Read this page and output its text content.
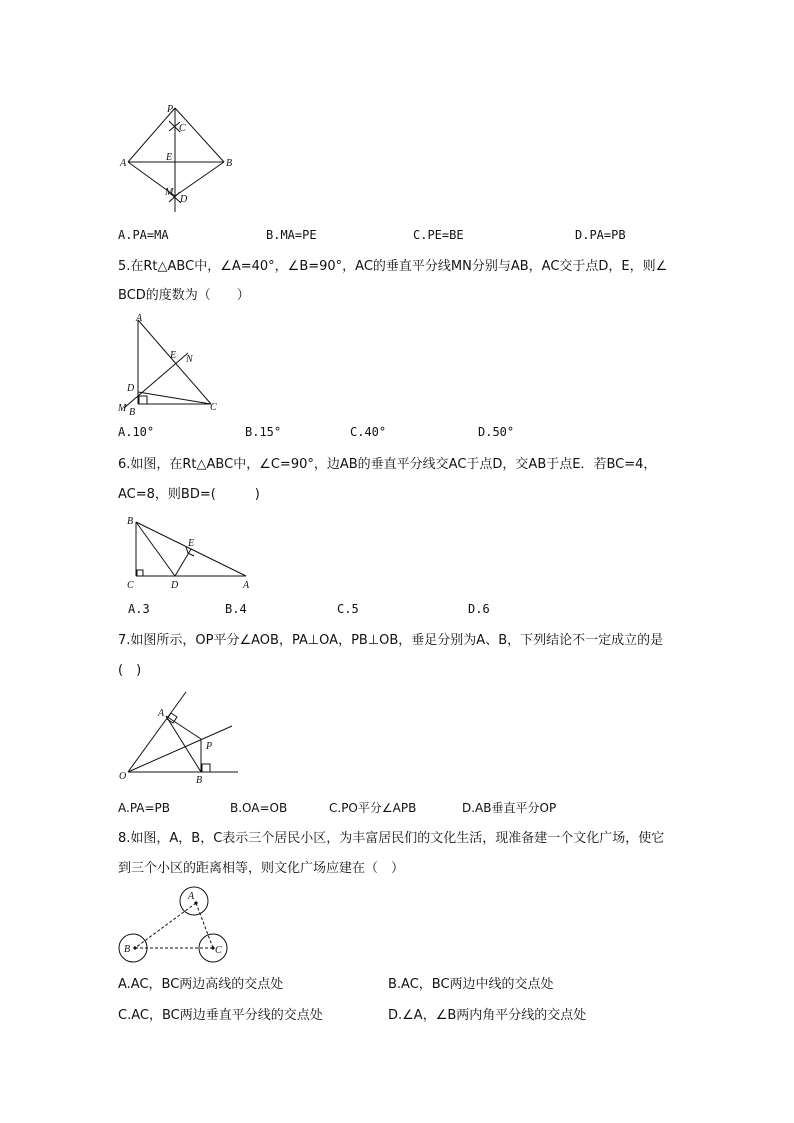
P
C
E
A	B
M
D
A.PA=MA	B.MA=PE	C.PE=BE	D.PA=PB
5.在Rt△ABC中，∠A=40°，∠B=90°，AC的垂直平分线MN分别与AB，AC交于点D，E，则∠
BCD的度数为（　　）
A
E N
D
M B	C
A.10°	B.15°	C.40°	D.50°
6.如图，在Rt△ABC中，∠C=90°，边AB的垂直平分线交AC于点D，交AB于点E．若BC=4，
AC=8，则BD=(　　　)
B
E
C	D	A
A.3	B.4	C.5	D.6
7.如图所示，OP平分∠AOB，PA⊥OA，PB⊥OB，垂足分别为A、B，下列结论不一定成立的是
(　)
A
P
O	B
A.PA=PB	B.OA=OB	C.PO平分∠APB	D.AB垂直平分OP
8.如图，A，B，C表示三个居民小区，为丰富居民们的文化生活，现准备建一个文化广场，使它
到三个小区的距离相等，则文化广场应建在（　）
A
B	C
A.AC，BC两边高线的交点处	B.AC，BC两边中线的交点处
C.AC，BC两边垂直平分线的交点处	D.∠A，∠B两内角平分线的交点处
